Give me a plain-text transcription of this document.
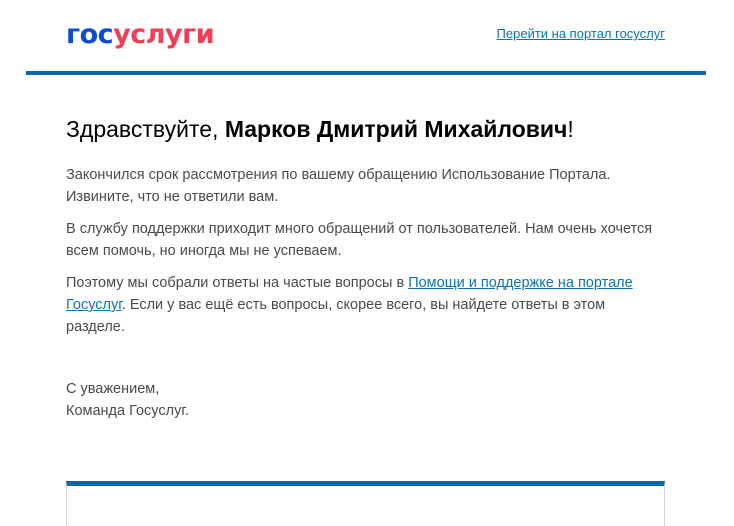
госуслуги	Перейти на портал госуслуг
Здравствуйте, Марков Дмитрий Михайлович!

Закончился срок рассмотрения по вашему обращению Использование Портала. Извините, что не ответили вам.

В службу поддержки приходит много обращений от пользователей. Нам очень хочется всем помочь, но иногда мы не успеваем.

Поэтому мы собрали ответы на частые вопросы в Помощи и поддержке на портале Госуслуг. Если у вас ещё есть вопросы, скорее всего, вы найдете ответы в этом разделе.

С уважением,
Команда Госуслуг.
